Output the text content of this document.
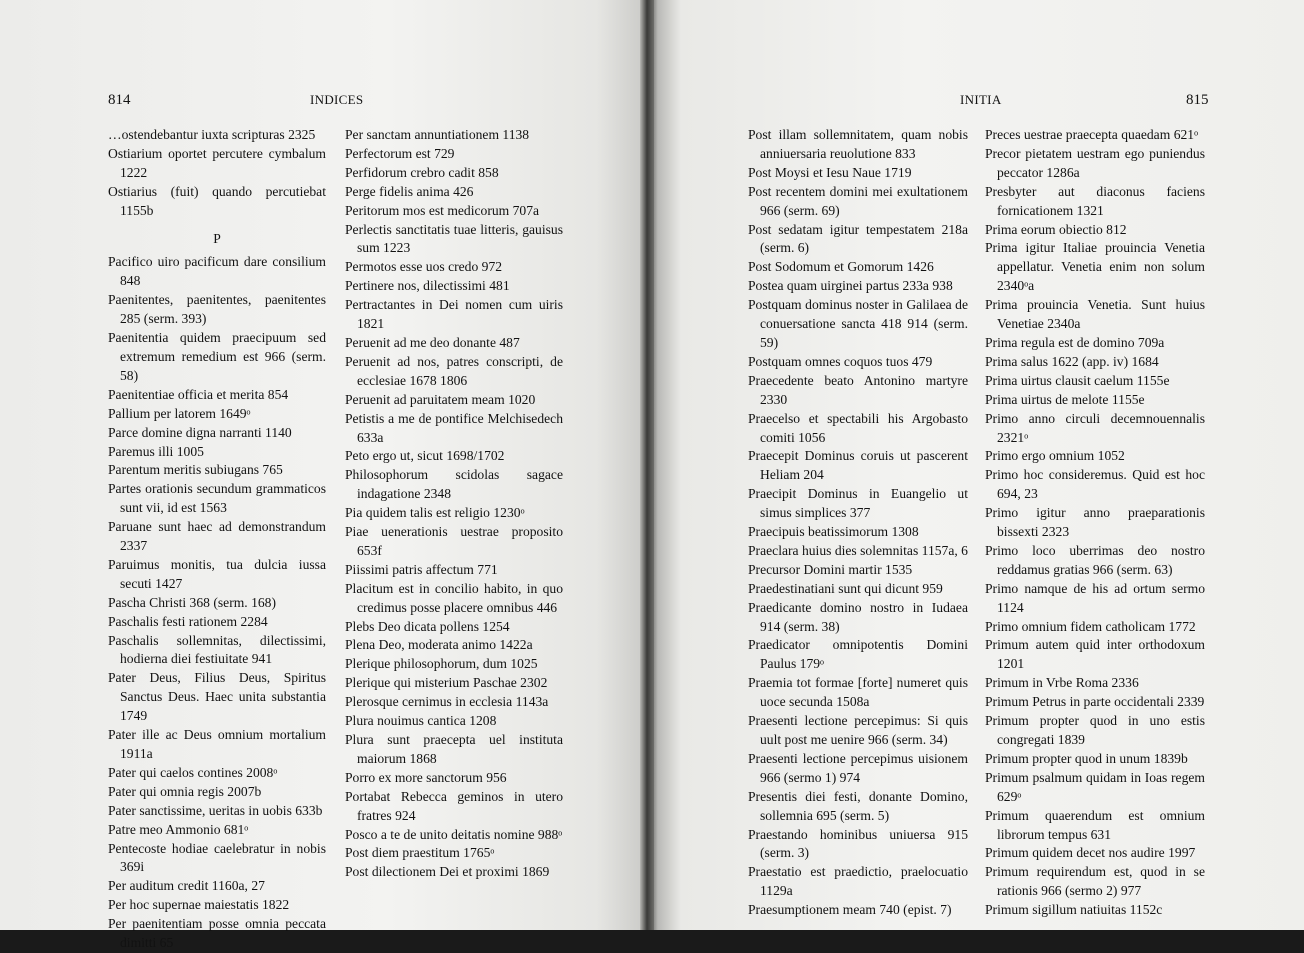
814	INDICES
…ostendebantur iuxta scripturas 2325
Ostiarium oportet percutere cymbalum 1222
Ostiarius (fuit) quando percutiebat 1155b
P
Pacifico uiro pacificum dare consilium 848
Paenitentes, paenitentes, paenitentes 285 (serm. 393)
Paenitentia quidem praecipuum sed extremum remedium est 966 (serm. 58)
Paenitentiae officia et merita 854
Pallium per latorem 1649ᵒ
Parce domine digna narranti 1140
Paremus illi 1005
Parentum meritis subiugans 765
Partes orationis secundum grammaticos sunt vii, id est 1563
Paruane sunt haec ad demonstrandum 2337
Paruimus monitis, tua dulcia iussa secuti 1427
Pascha Christi 368 (serm. 168)
Paschalis festi rationem 2284
Paschalis sollemnitas, dilectissimi, hodierna diei festiuitate 941
Pater Deus, Filius Deus, Spiritus Sanctus Deus. Haec unita substantia 1749
Pater ille ac Deus omnium mortalium 1911a
Pater qui caelos contines 2008ᵒ
Pater qui omnia regis 2007b
Pater sanctissime, ueritas in uobis 633b
Patre meo Ammonio 681ᵒ
Pentecoste hodiae caelebratur in nobis 369i
Per auditum credit 1160a, 27
Per hoc supernae maiestatis 1822
Per paenitentiam posse omnia peccata dimitti 65
Per sanctam annuntiationem 1138
Perfectorum est 729
Perfidorum crebro cadit 858
Perge fidelis anima 426
Peritorum mos est medicorum 707a
Perlectis sanctitatis tuae litteris, gauisus sum 1223
Permotos esse uos credo 972
Pertinere nos, dilectissimi 481
Pertractantes in Dei nomen cum uiris 1821
Peruenit ad me deo donante 487
Peruenit ad nos, patres conscripti, de ecclesiae 1678 1806
Peruenit ad paruitatem meam 1020
Petistis a me de pontifice Melchisedech 633a
Peto ergo ut, sicut 1698/1702
Philosophorum scidolas sagace indagatione 2348
Pia quidem talis est religio 1230ᵒ
Piae uenerationis uestrae proposito 653f
Piissimi patris affectum 771
Placitum est in concilio habito, in quo credimus posse placere omnibus 446
Plebs Deo dicata pollens 1254
Plena Deo, moderata animo 1422a
Plerique philosophorum, dum 1025
Plerique qui misterium Paschae 2302
Plerosque cernimus in ecclesia 1143a
Plura nouimus cantica 1208
Plura sunt praecepta uel instituta maiorum 1868
Porro ex more sanctorum 956
Portabat Rebecca geminos in utero fratres 924
Posco a te de unito deitatis nomine 988ᵒ
Post diem praestitum 1765ᵒ
Post dilectionem Dei et proximi 1869
INITIA	815
Post illam sollemnitatem, quam nobis anniuersaria reuolutione 833
Post Moysi et Iesu Naue 1719
Post recentem domini mei exultationem 966 (serm. 69)
Post sedatam igitur tempestatem 218a (serm. 6)
Post Sodomum et Gomorum 1426
Postea quam uirginei partus 233a 938
Postquam dominus noster in Galilaea de conuersatione sancta 418 914 (serm. 59)
Postquam omnes coquos tuos 479
Praecedente beato Antonino martyre 2330
Praecelso et spectabili his Argobasto comiti 1056
Praecepit Dominus coruis ut pascerent Heliam 204
Praecipit Dominus in Euangelio ut simus simplices 377
Praecipuis beatissimorum 1308
Praeclara huius dies solemnitas 1157a, 6
Precursor Domini martir 1535
Praedestinatiani sunt qui dicunt 959
Praedicante domino nostro in Iudaea 914 (serm. 38)
Praedicator omnipotentis Domini Paulus 179ᵒ
Praemia tot formae [forte] numeret quis uoce secunda 1508a
Praesenti lectione percepimus: Si quis uult post me uenire 966 (serm. 34)
Praesenti lectione percepimus uisionem 966 (sermo 1) 974
Presentis diei festi, donante Domino, sollemnia 695 (serm. 5)
Praestando hominibus uniuersa 915 (serm. 3)
Praestatio est praedictio, praelocuatio 1129a
Praesumptionem meam 740 (epist. 7)
Preces uestrae praecepta quaedam 621ᵒ
Precor pietatem uestram ego puniendus peccator 1286a
Presbyter aut diaconus faciens fornicationem 1321
Prima eorum obiectio 812
Prima igitur Italiae prouincia Venetia appellatur. Venetia enim non solum 2340ᵒa
Prima prouincia Venetia. Sunt huius Venetiae 2340a
Prima regula est de domino 709a
Prima salus 1622 (app. iv) 1684
Prima uirtus clausit caelum 1155e
Prima uirtus de melote 1155e
Primo anno circuli decemnouennalis 2321ᵒ
Primo ergo omnium 1052
Primo hoc consideremus. Quid est hoc 694, 23
Primo igitur anno praeparationis bissexti 2323
Primo loco uberrimas deo nostro reddamus gratias 966 (serm. 63)
Primo namque de his ad ortum sermo 1124
Primo omnium fidem catholicam 1772
Primum autem quid inter orthodoxum 1201
Primum in Vrbe Roma 2336
Primum Petrus in parte occidentali 2339
Primum propter quod in uno estis congregati 1839
Primum propter quod in unum 1839b
Primum psalmum quidam in Ioas regem 629ᵒ
Primum quaerendum est omnium librorum tempus 631
Primum quidem decet nos audire 1997
Primum requirendum est, quod in se rationis 966 (sermo 2) 977
Primum sigillum natiuitas 1152c
